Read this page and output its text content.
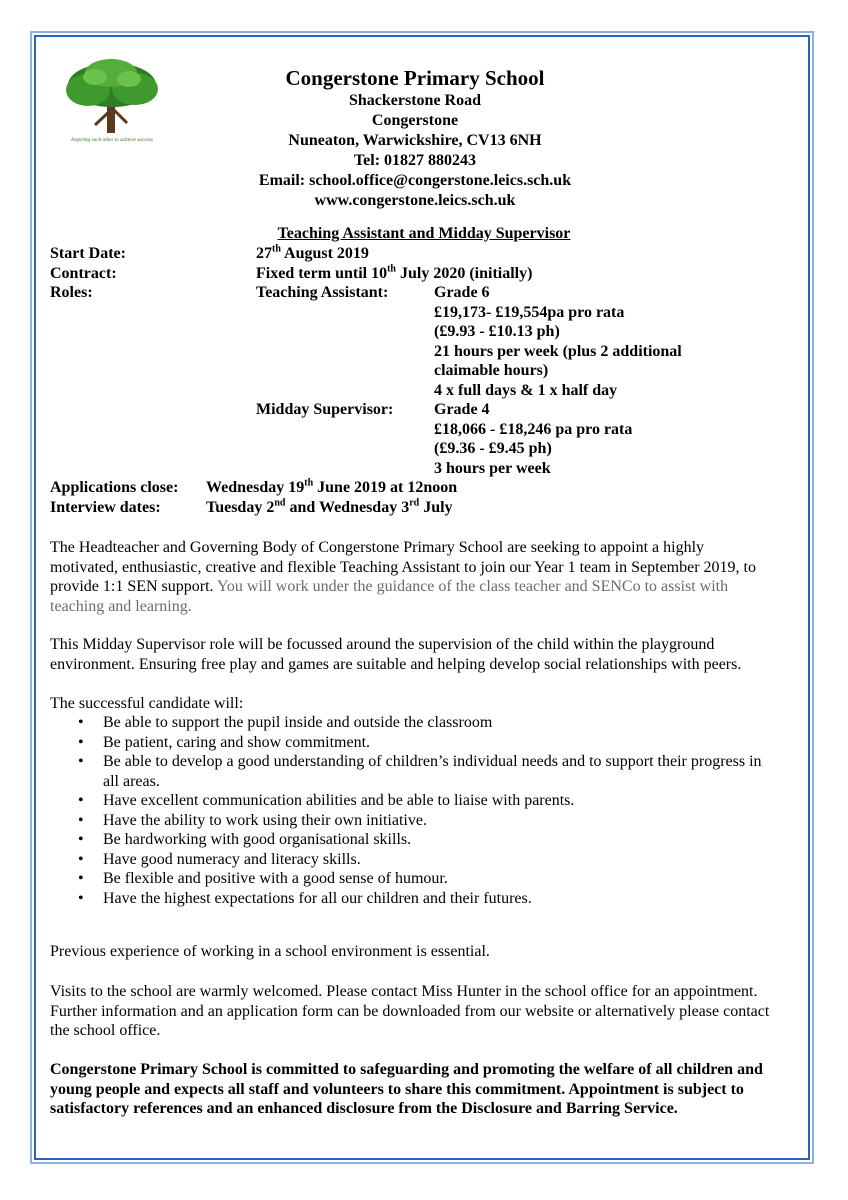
Inspiring each other to achieve success
Congerstone Primary School
Shackerstone Road
Congerstone
Nuneaton, Warwickshire, CV13 6NH
Tel: 01827 880243
Email: school.office@congerstone.leics.sch.uk
www.congerstone.leics.sch.uk
Teaching Assistant and Midday Supervisor
Start Date:	27th August 2019
Contract:	Fixed term until 10th July 2020 (initially)
Roles:	Teaching Assistant:	Grade 6
£19,173- £19,554pa pro rata
(£9.93 - £10.13 ph)
21 hours per week (plus 2 additional
claimable hours)
4 x full days & 1 x half day
Midday Supervisor:	Grade 4
£18,066 - £18,246 pa pro rata
(£9.36 - £9.45 ph)
3 hours per week
Applications close: Wednesday 19th June 2019 at 12noon
Interview dates:	Tuesday 2nd and Wednesday 3rd July
The Headteacher and Governing Body of Congerstone Primary School are seeking to appoint a highly motivated, enthusiastic, creative and flexible Teaching Assistant to join our Year 1 team in September 2019, to provide 1:1 SEN support. You will work under the guidance of the class teacher and SENCo to assist with teaching and learning.
This Midday Supervisor role will be focussed around the supervision of the child within the playground environment. Ensuring free play and games are suitable and helping develop social relationships with peers.
The successful candidate will:
• Be able to support the pupil inside and outside the classroom
• Be patient, caring and show commitment.
• Be able to develop a good understanding of children’s individual needs and to support their progress in all areas.
• Have excellent communication abilities and be able to liaise with parents.
• Have the ability to work using their own initiative.
• Be hardworking with good organisational skills.
• Have good numeracy and literacy skills.
• Be flexible and positive with a good sense of humour.
• Have the highest expectations for all our children and their futures.
Previous experience of working in a school environment is essential.
Visits to the school are warmly welcomed. Please contact Miss Hunter in the school office for an appointment. Further information and an application form can be downloaded from our website or alternatively please contact the school office.
Congerstone Primary School is committed to safeguarding and promoting the welfare of all children and young people and expects all staff and volunteers to share this commitment. Appointment is subject to satisfactory references and an enhanced disclosure from the Disclosure and Barring Service.
